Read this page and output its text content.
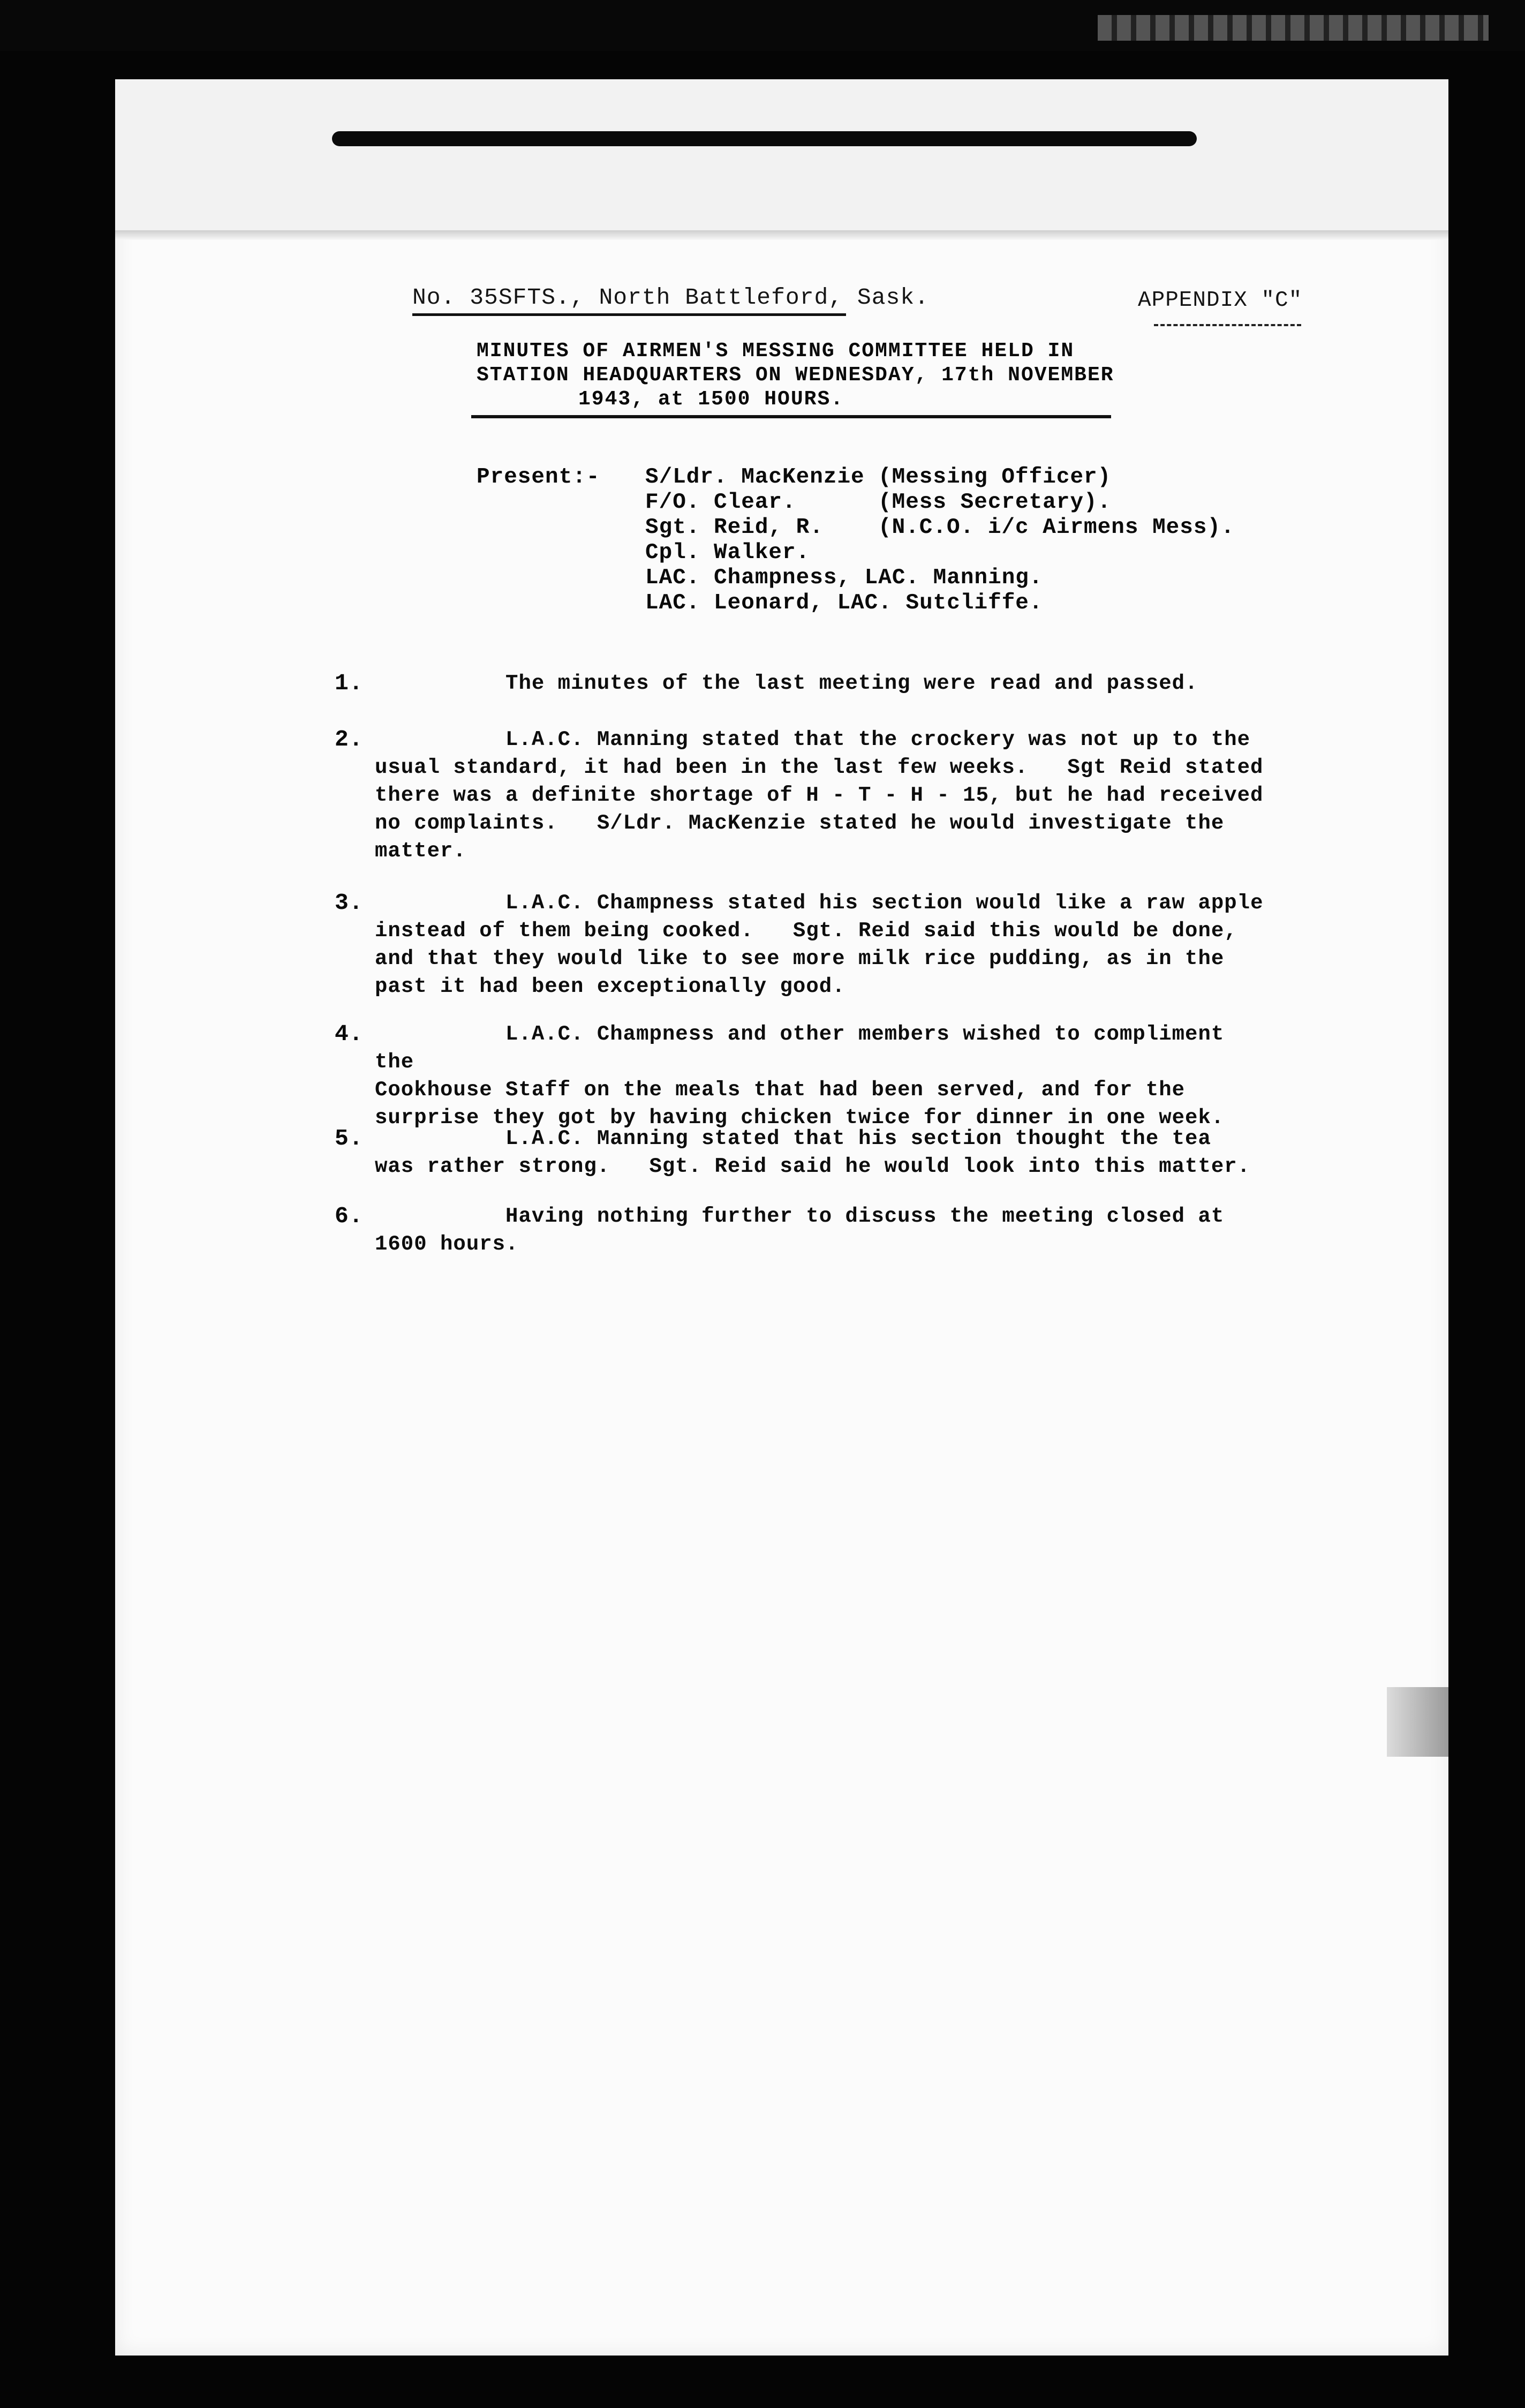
No. 35SFTS., North Battleford, Sask.	APPENDIX "C"
MINUTES OF AIRMEN'S MESSING COMMITTEE HELD IN
STATION HEADQUARTERS ON WEDNESDAY, 17th NOVEMBER
1943, at 1500 HOURS.
Present:- S/Ldr. MacKenzie (Messing Officer)
F/O. Clear.	(Mess Secretary).
Sgt. Reid, R. (N.C.O. i/c Airmens Mess).
Cpl. Walker.
LAC. Champness, LAC. Manning.
LAC. Leonard, LAC. Sutcliffe.
1. The minutes of the last meeting were read and passed.
2.	L.A.C. Manning stated that the crockery was not up to the
usual standard, it had been in the last few weeks.   Sgt Reid stated
there was a definite shortage of H - T - H - 15, but he had received
no complaints.   S/Ldr. MacKenzie stated he would investigate the
matter.
3.	L.A.C. Champness stated his section would like a raw apple
instead of them being cooked.   Sgt. Reid said this would be done,
and that they would like to see more milk rice pudding, as in the
past it had been exceptionally good.
4.	L.A.C. Champness and other members wished to compliment the
Cookhouse Staff on the meals that had been served, and for the
surprise they got by having chicken twice for dinner in one week.
5.	L.A.C. Manning stated that his section thought the tea
was rather strong.   Sgt. Reid said he would look into this matter.
6.	Having nothing further to discuss the meeting closed at
1600 hours.
